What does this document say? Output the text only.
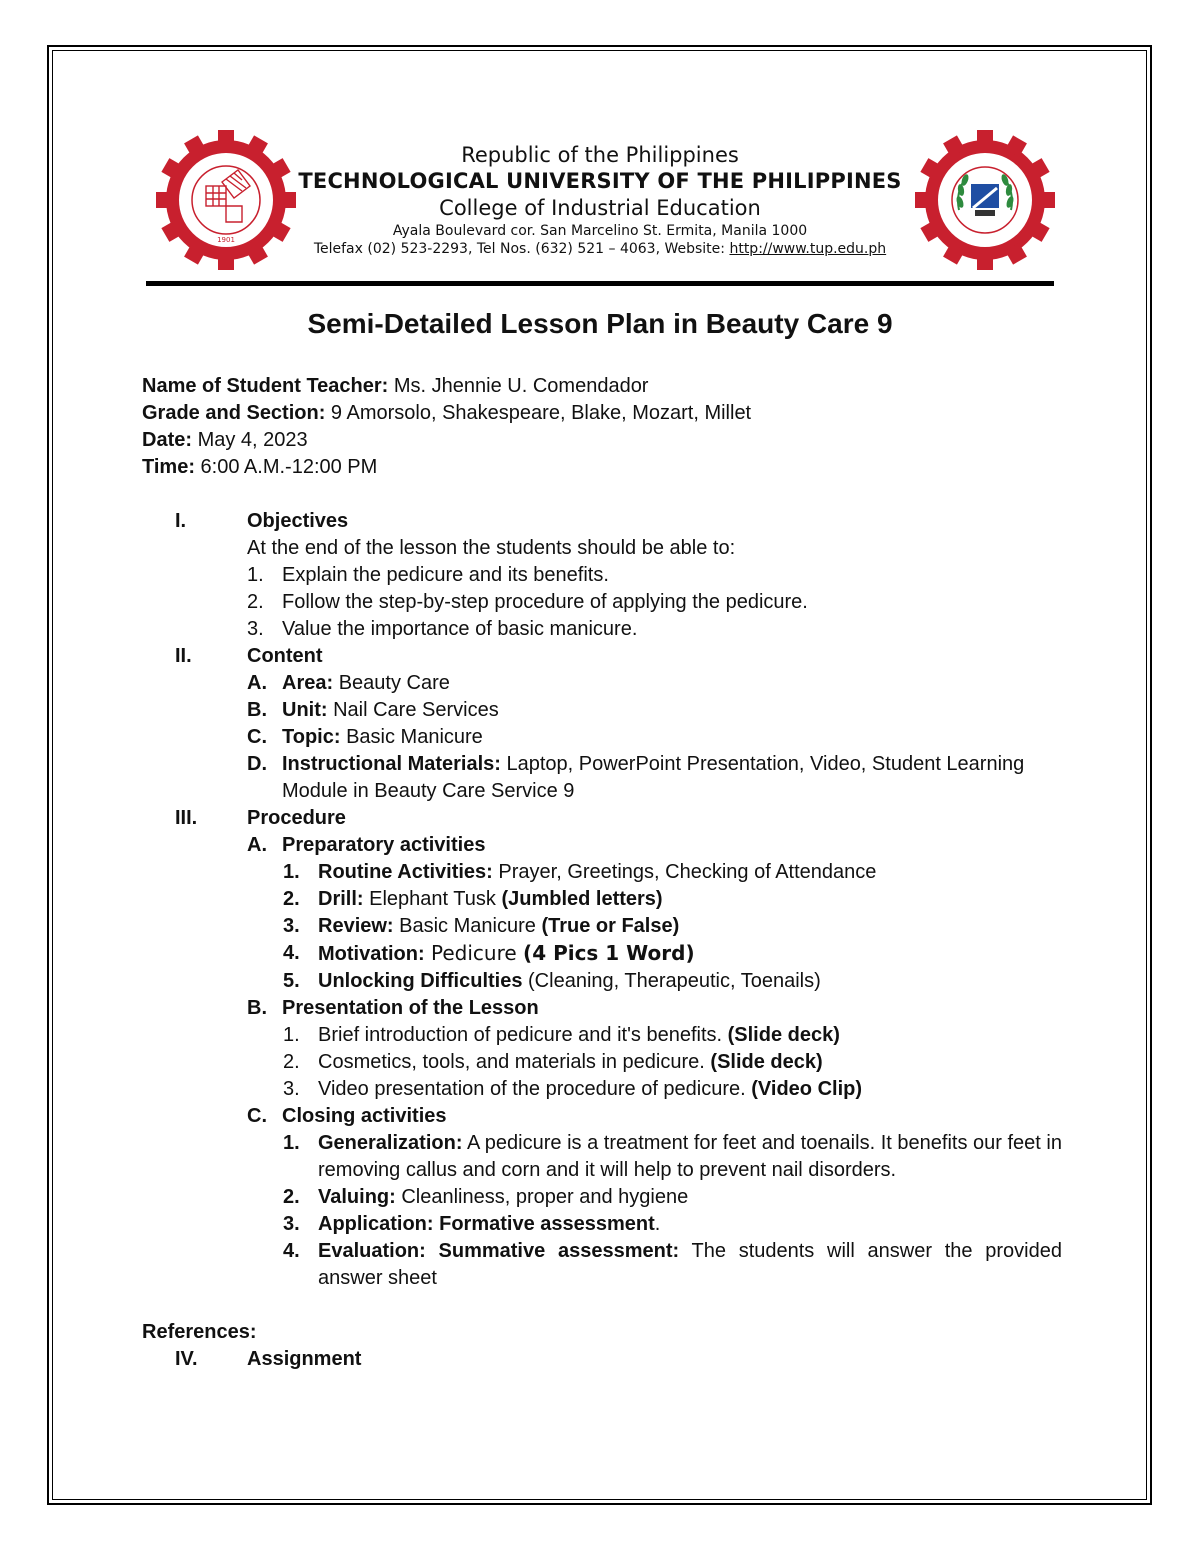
1901
Republic of the Philippines
TECHNOLOGICAL UNIVERSITY OF THE PHILIPPINES
College of Industrial Education
Ayala Boulevard cor. San Marcelino St. Ermita, Manila 1000
Telefax (02) 523-2293, Tel Nos. (632) 521 – 4063, Website: http://www.tup.edu.ph
Semi-Detailed Lesson Plan in Beauty Care 9
Name of Student Teacher: Ms. Jhennie U. Comendador
Grade and Section: 9 Amorsolo, Shakespeare, Blake, Mozart, Millet
Date: May 4, 2023
Time: 6:00 A.M.-12:00 PM
I.	Objectives
At the end of the lesson the students should be able to:
1. Explain the pedicure and its benefits.
2. Follow the step-by-step procedure of applying the pedicure.
3. Value the importance of basic manicure.
II.	Content
A. Area: Beauty Care
B. Unit: Nail Care Services
C. Topic: Basic Manicure
D. Instructional Materials: Laptop, PowerPoint Presentation, Video, Student Learning Module in Beauty Care Service 9
III. Procedure
A. Preparatory activities
1. Routine Activities: Prayer, Greetings, Checking of Attendance
2. Drill: Elephant Tusk (Jumbled letters)
3. Review: Basic Manicure (True or False)
4. Motivation: Pedicure (4 Pics 1 Word)
5. Unlocking Difficulties (Cleaning, Therapeutic, Toenails)
B. Presentation of the Lesson
1. Brief introduction of pedicure and it's benefits. (Slide deck)
2. Cosmetics, tools, and materials in pedicure. (Slide deck)
3. Video presentation of the procedure of pedicure. (Video Clip)
C. Closing activities
1. Generalization: A pedicure is a treatment for feet and toenails. It benefits our feet in removing callus and corn and it will help to prevent nail disorders.
2. Valuing: Cleanliness, proper and hygiene
3. Application: Formative assessment.
4. Evaluation: Summative assessment: The students will answer the provided answer sheet
References:
IV. Assignment
